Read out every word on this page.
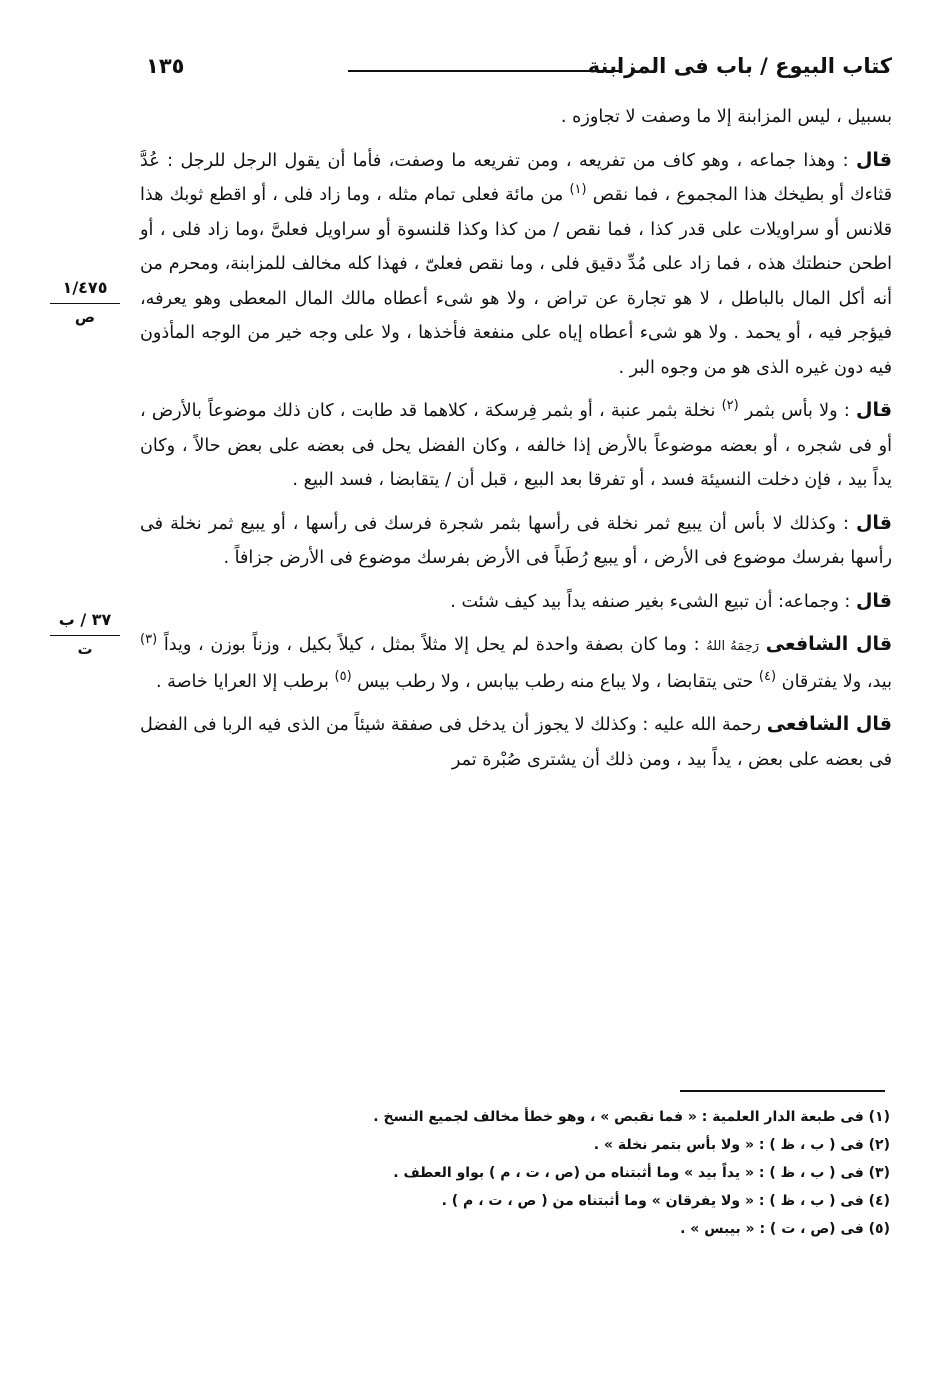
كتاب البيوع / باب فى المزابنة
١٣٥

بسبيل ، ليس المزابنة إلا ما وصفت لا تجاوزه .

قال : وهذا جماعه ، وهو كاف من تفريعه ، ومن تفريعه ما وصفت، فأما أن يقول الرجل للرجل : عُدَّ قثاءك أو بطيخك هذا المجموع ، فما نقص $^{(١)}$ من مائة فعلى تمام مثله ، وما زاد فلى ، أو اقطع ثوبك هذا قلانس أو سراويلات على قدر كذا ، فما نقص / من كذا وكذا قلنسوة أو سراويل فعلىَّ ،وما زاد فلى ، أو اطحن حنطتك هذه ، فما زاد على مُدِّ دقيق فلى ، وما نقص فعلىّ ، فهذا كله مخالف للمزابنة، ومحرم من أنه أكل المال بالباطل ، لا هو تجارة عن تراض ، ولا هو شىء أعطاه مالك المال المعطى وهو يعرفه، فيؤجر فيه ، أو يحمد . ولا هو شىء أعطاه إياه على منفعة فأخذها ، ولا على وجه خير من الوجه المأذون فيه دون غيره الذى هو من وجوه البر .

قال : ولا بأس بثمر $^{(٢)}$ نخلة بثمر عنبة ، أو بثمر فِرسكة ، كلاهما قد طابت ، كان ذلك موضوعاً بالأرض ، أو فى شجره ، أو بعضه موضوعاً بالأرض إذا خالفه ، وكان الفضل يحل فى بعضه على بعض حالاً ، وكان يداً بيد ، فإن دخلت النسيئة فسد ، أو تفرقا بعد البيع ، قبل أن / يتقابضا ، فسد البيع .

قال : وكذلك لا بأس أن يبيع ثمر نخلة فى رأسها بثمر شجرة فرسك فى رأسها ، أو يبيع ثمر نخلة فى رأسها بفرسك موضوع فى الأرض ، أو يبيع رُطَباً فى الأرض بفرسك موضوع فى الأرض جزافاً .

قال : وجماعه: أن تبيع الشىء بغير صنفه يداً بيد كيف شئت .

قال الشافعى رَحِمَهُ اللهُ : وما كان بصفة واحدة لم يحل إلا مثلاً بمثل ، كيلاً بكيل ، وزناً بوزن ، ويداً $^{(٣)}$ بيد، ولا يفترقان $^{(٤)}$ حتى يتقابضا ، ولا يباع منه رطب بيابس ، ولا رطب بيس $^{(٥)}$ برطب إلا العرايا خاصة .

قال الشافعى رحمة الله عليه : وكذلك لا يجوز أن يدخل فى صفقة شيئاً من الذى فيه الربا فى الفضل فى بعضه على بعض ، يداً بيد ، ومن ذلك أن يشترى صُبْرة تمر

١/٤٧٥
ص
٣٧ / ب
ت
(١) فى طبعة الدار العلمية : « فما نقبص » ، وهو خطأ مخالف لجميع النسخ .
(٢) فى ( ب ، ظ ) : « ولا بأس بتمر نخلة » .
(٣) فى ( ب ، ظ ) : « يداً بيد » وما أثبتناه من (ص ، ت ، م ) بواو العطف .
(٤) فى ( ب ، ظ ) : « ولا يفرقان » وما أثبتناه من ( ص ، ت ، م ) .
(٥) فى (ص ، ت ) : « بيبس » .
